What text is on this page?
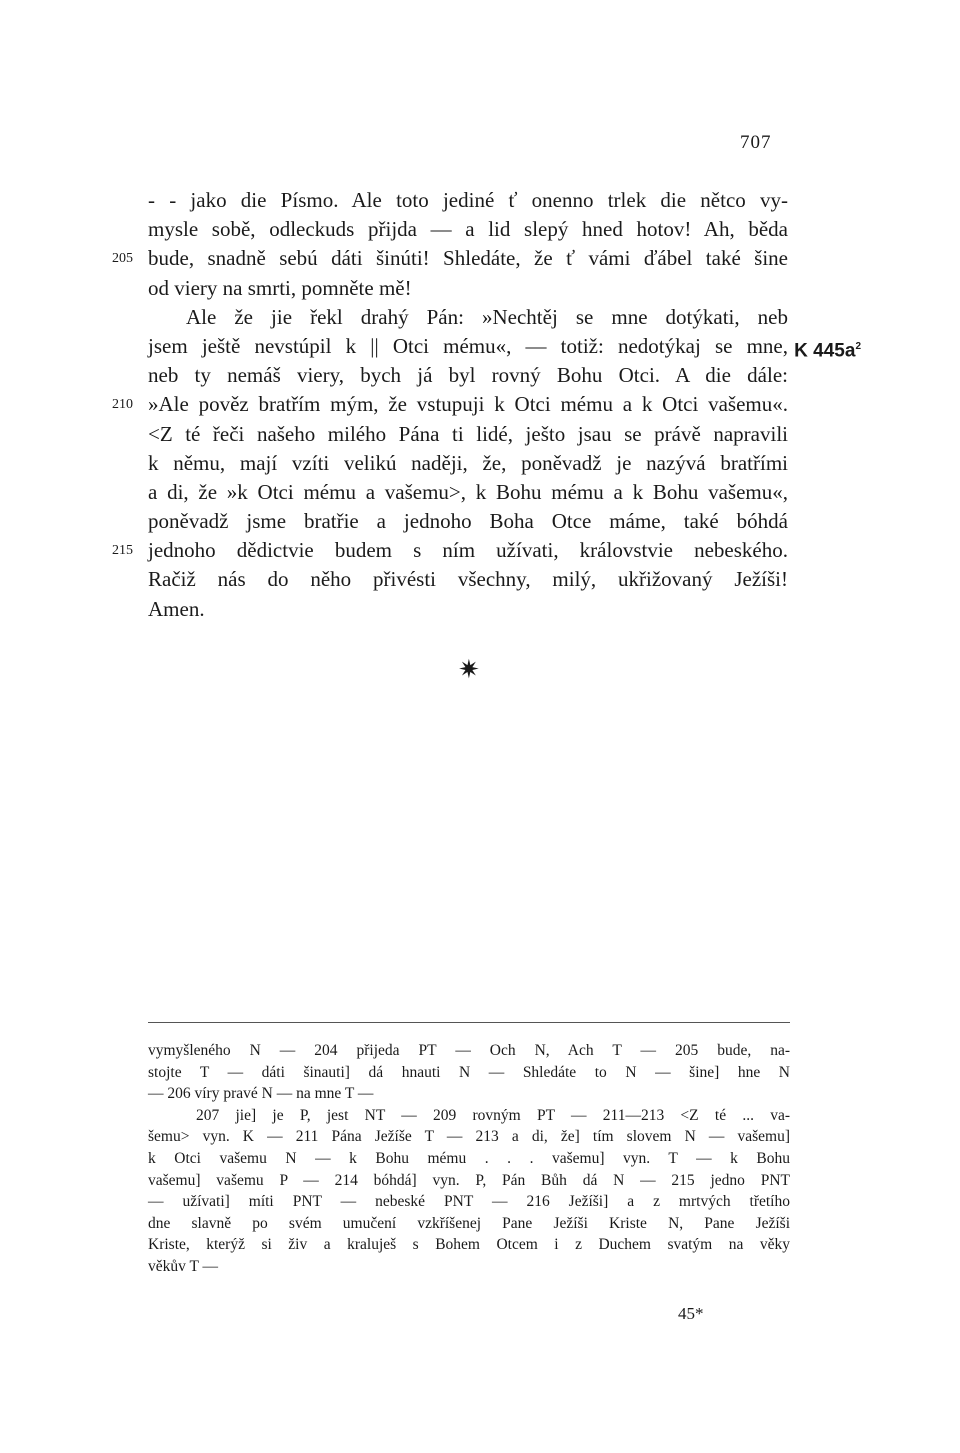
707
- - jako die Písmo. Ale toto jediné ť onenno trlek die nětco vy-
mysle sobě, odleckuds přijda — a lid slepý hned hotov! Ah, běda
205 bude, snadně sebú dáti šinúti! Shledáte, že ť vámi ďábel také šine
od viery na smrti, pomněte mě!
Ale že jie řekl drahý Pán: »Nechtěj se mne dotýkati, neb
jsem ještě nevstúpil k || Otci mému«, — totiž: nedotýkaj se mne, K $445a^2$
neb ty nemáš viery, bych já byl rovný Bohu Otci. A die dále:
210 »Ale pověz bratřím mým, že vstupuji k Otci mému a k Otci vašemu«.
<Z té řeči našeho milého Pána ti lidé, ješto jsau se právě napravili
k němu, mají vzíti velikú naději, že, poněvadž je nazývá bratřími
a di, že »k Otci mému a vašemu>, k Bohu mému a k Bohu vašemu«,
poněvadž jsme bratřie a jednoho Boha Otce máme, také bóhdá
215 jednoho dědictvie budem s ním užívati, královstvie nebeského.
Račiž nás do něho přivésti všechny, milý, ukřižovaný Ježíši!
Amen.
✷
vymyšleného N — 204 přijeda PT — Och N, Ach T — 205 bude, na-
stojte T — dáti šinauti] dá hnauti N — Shledáte to N — šine] hne N
— 206 víry pravé N — na mne T —
207 jie] je P, jest NT — 209 rovným PT — 211—213 <Z té ... va-
šemu> vyn. K — 211 Pána Ježíše T — 213 a di, že] tím slovem N — vašemu]
k Otci vašemu N — k Bohu mému . . . vašemu] vyn. T — k Bohu
vašemu] vašemu P — 214 bóhdá] vyn. P, Pán Bůh dá N — 215 jedno PNT
— užívati] míti PNT — nebeské PNT — 216 Ježíši] a z mrtvých třetího
dne slavně po svém umučení vzkříšenej Pane Ježíši Kriste N, Pane Ježíši
Kriste, kterýž si živ a kraluješ s Bohem Otcem i z Duchem svatým na věky
věkův T —
45*
